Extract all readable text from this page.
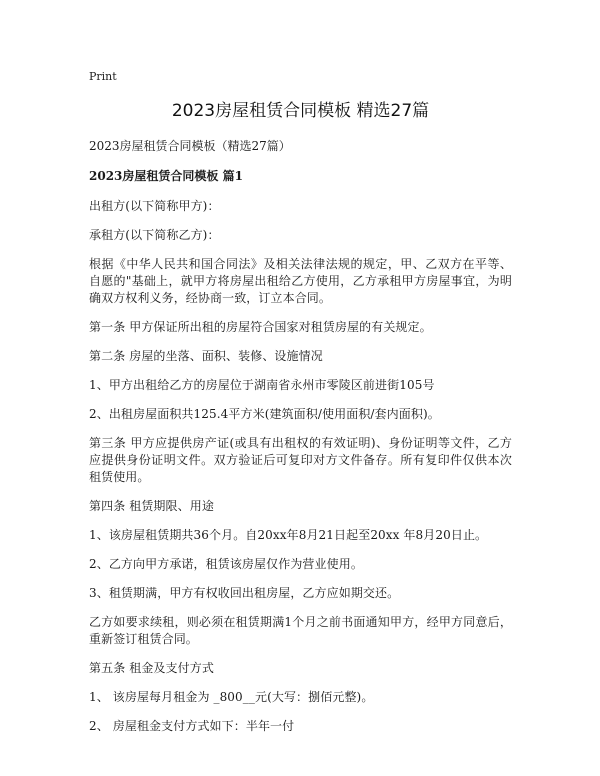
Print
2023房屋租赁合同模板 精选27篇
2023房屋租赁合同模板（精选27篇）
2023房屋租赁合同模板 篇1

出租方(以下简称甲方)：

承租方(以下简称乙方)：

根据《中华人民共和国合同法》及相关法律法规的规定，甲、乙双方在平等、自愿的"基础上，就甲方将房屋出租给乙方使用，乙方承租甲方房屋事宜，为明确双方权利义务，经协商一致，订立本合同。

第一条 甲方保证所出租的房屋符合国家对租赁房屋的有关规定。

第二条 房屋的坐落、面积、装修、设施情况

1、甲方出租给乙方的房屋位于湖南省永州市零陵区前进街105号

2、出租房屋面积共125.4平方米(建筑面积/使用面积/套内面积)。

第三条 甲方应提供房产证(或具有出租权的有效证明)、身份证明等文件，乙方应提供身份证明文件。双方验证后可复印对方文件备存。所有复印件仅供本次租赁使用。

第四条 租赁期限、用途

1、该房屋租赁期共36个月。自20xx年8月21日起至20xx 年8月20日止。

2、乙方向甲方承诺，租赁该房屋仅作为营业使用。

3、租赁期满，甲方有权收回出租房屋，乙方应如期交还。

乙方如要求续租，则必须在租赁期满1个月之前书面通知甲方，经甲方同意后，重新签订租赁合同。

第五条 租金及支付方式

1、 该房屋每月租金为 _800__元(大写：捌佰元整)。

2、 房屋租金支付方式如下：半年一付
